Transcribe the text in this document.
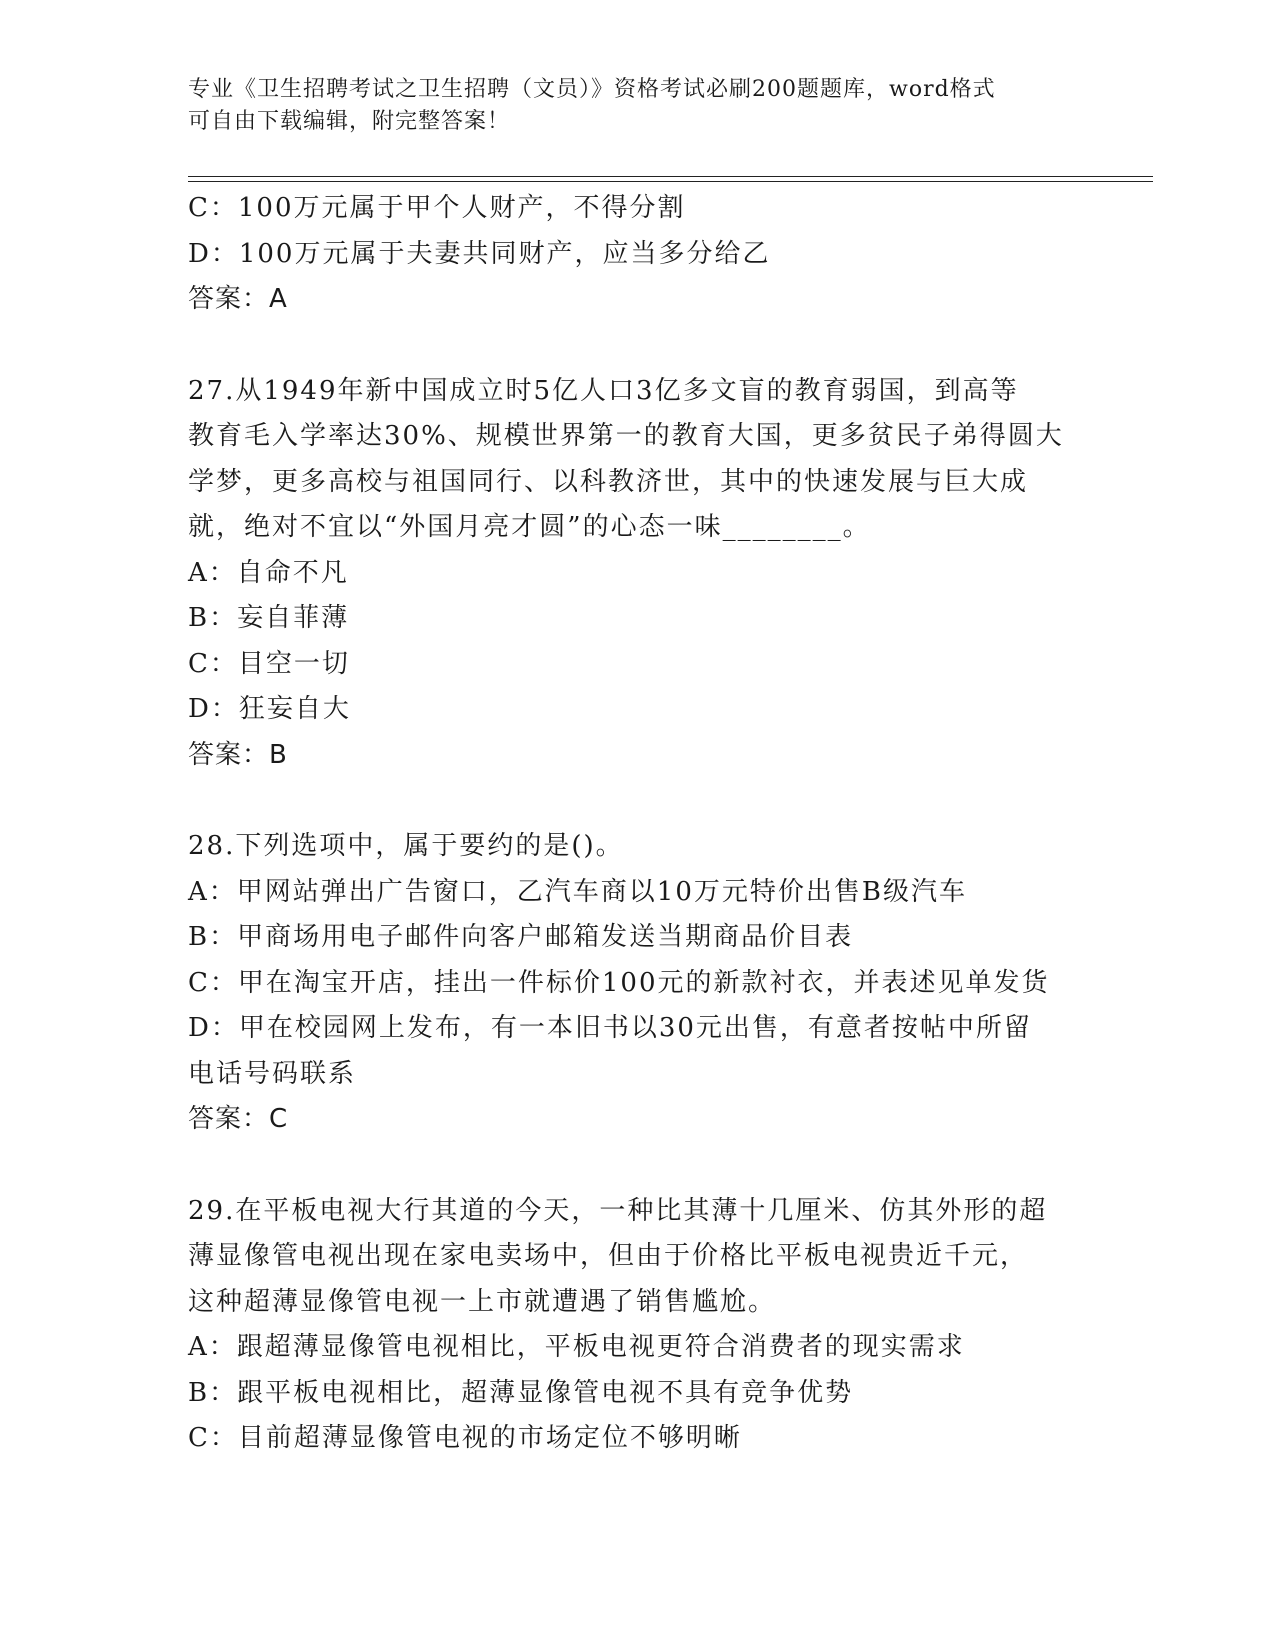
专业《卫生招聘考试之卫生招聘（文员）》资格考试必刷200题题库，word格式
可自由下载编辑，附完整答案！
C：100万元属于甲个人财产，不得分割
D：100万元属于夫妻共同财产，应当多分给乙
答案：A
27.从1949年新中国成立时5亿人口3亿多文盲的教育弱国，到高等
教育毛入学率达30%、规模世界第一的教育大国，更多贫民子弟得圆大
学梦，更多高校与祖国同行、以科教济世，其中的快速发展与巨大成
就，绝对不宜以“外国月亮才圆”的心态一味________。
A：自命不凡
B：妄自菲薄
C：目空一切
D：狂妄自大
答案：B
28.下列选项中，属于要约的是()。
A：甲网站弹出广告窗口，乙汽车商以10万元特价出售B级汽车
B：甲商场用电子邮件向客户邮箱发送当期商品价目表
C：甲在淘宝开店，挂出一件标价100元的新款衬衣，并表述见单发货
D：甲在校园网上发布，有一本旧书以30元出售，有意者按帖中所留
电话号码联系
答案：C
29.在平板电视大行其道的今天，一种比其薄十几厘米、仿其外形的超
薄显像管电视出现在家电卖场中，但由于价格比平板电视贵近千元，
这种超薄显像管电视一上市就遭遇了销售尴尬。
A：跟超薄显像管电视相比，平板电视更符合消费者的现实需求
B：跟平板电视相比，超薄显像管电视不具有竞争优势
C：目前超薄显像管电视的市场定位不够明晰
